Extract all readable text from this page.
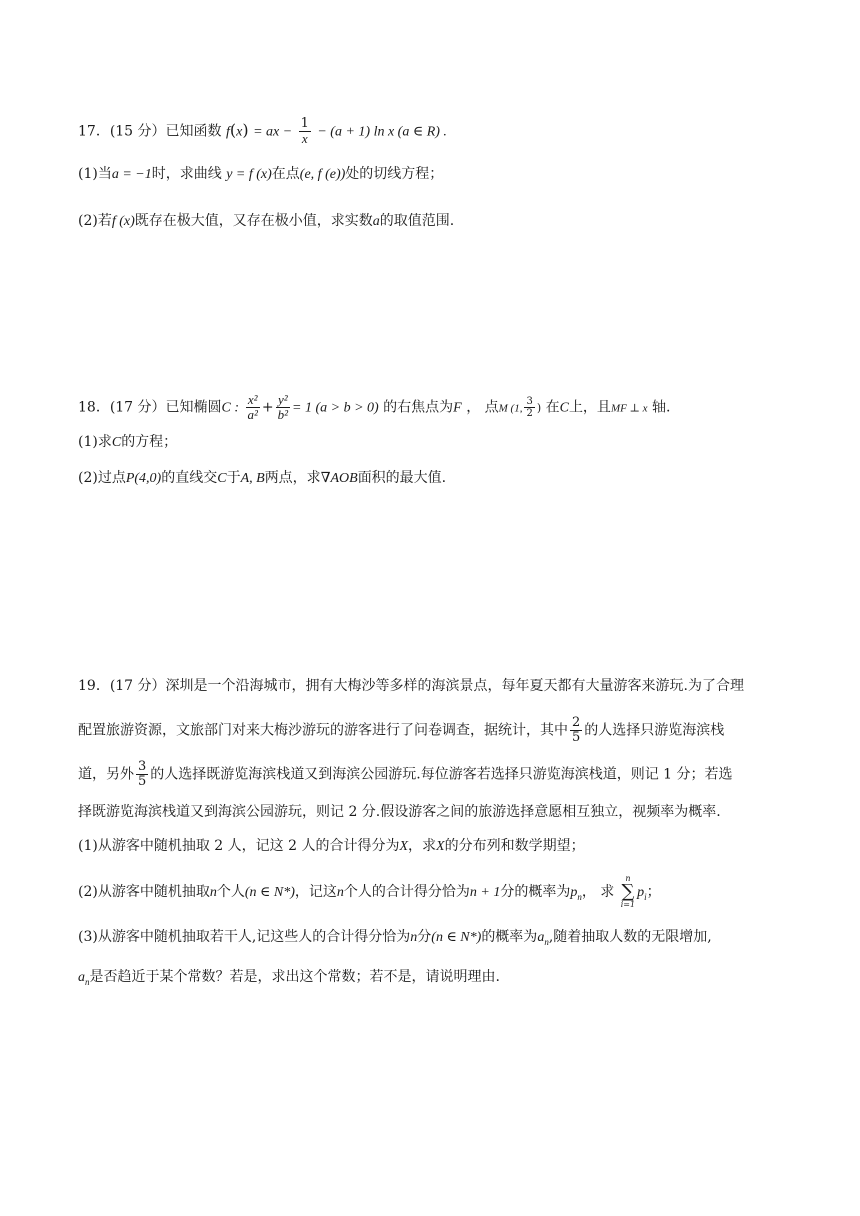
17．(15 分）已知函数 f(x) = ax − $\frac{1}{x} - (a + 1)$ ln x (a ∈ R) .
(1)当a = −1时，求曲线 y = f (x)在点(e, f (e))处的切线方程；
(2)若f (x)既存在极大值，又存在极小值，求实数a的取值范围.
18．(17 分）已知椭圆C : $\frac{\text{x²}}{\text{a²}} + \frac{\text{y²}}{\text{b²}} = 1$ (a > b > 0) 的右焦点为F ， 点M (1, $\frac{3}{2}$ ) 在C上，且MF ⊥ x 轴.
(1)求C的方程；
(2)过点P(4,0)的直线交C于A, B两点，求∇AOB面积的最大值.
19．(17 分）深圳是一个沿海城市，拥有大梅沙等多样的海滨景点，每年夏天都有大量游客来游玩.为了合理
配置旅游资源，文旅部门对来大梅沙游玩的游客进行了问卷调查，据统计，其中 $\frac{2}{5}$ 的人选择只游览海滨栈
道，另外 $\frac{3}{5}$ 的人选择既游览海滨栈道又到海滨公园游玩.每位游客若选择只游览海滨栈道，则记 1 分；若选
择既游览海滨栈道又到海滨公园游玩，则记 2 分.假设游客之间的旅游选择意愿相互独立，视频率为概率.
(1)从游客中随机抽取 2 人，记这 2 人的合计得分为X，求X的分布列和数学期望；
(2)从游客中随机抽取n个人(n ∈ N*)，记这n个人的合计得分恰为n + 1分的概率为$p_n$， 求
n
∑
i=1
$p_i$；
(3)从游客中随机抽取若干人,记这些人的合计得分恰为n分(n ∈ N*)的概率为$a_n$,随着抽取人数的无限增加,
$a_n$是否趋近于某个常数？若是，求出这个常数；若不是，请说明理由.
